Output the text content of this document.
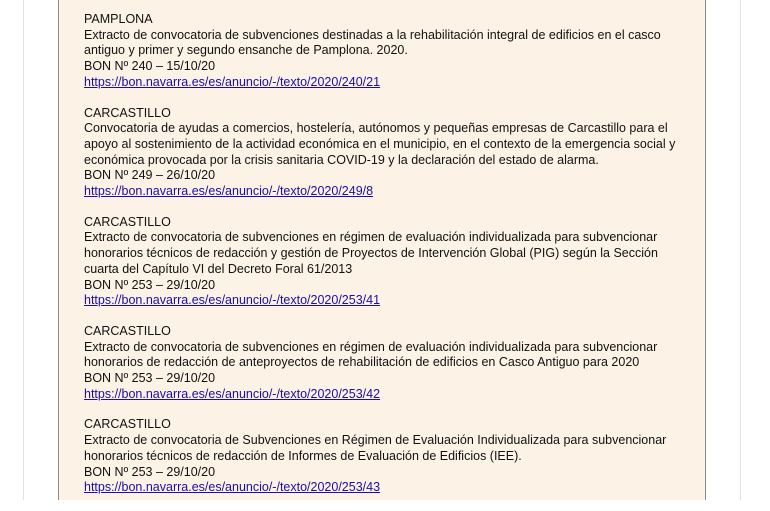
PAMPLONA

Extracto de convocatoria de subvenciones destinadas a la rehabilitación integral de edificios en el casco antiguo y primer y segundo ensanche de Pamplona. 2020.

BON Nº 240 – 15/10/20

https://bon.navarra.es/es/anuncio/-/texto/2020/240/21

CARCASTILLO

Convocatoria de ayudas a comercios, hostelería, autónomos y pequeñas empresas de Carcastillo para el apoyo al sostenimiento de la actividad económica en el municipio, en el contexto de la emergencia social y económica provocada por la crisis sanitaria COVID-19 y la declaración del estado de alarma.

BON Nº 249 – 26/10/20

https://bon.navarra.es/es/anuncio/-/texto/2020/249/8

CARCASTILLO

Extracto de convocatoria de subvenciones en régimen de evaluación individualizada para subvencionar honorarios técnicos de redacción y gestión de Proyectos de Intervención Global (PIG) según la Sección cuarta del Capítulo VI del Decreto Foral 61/2013

BON Nº 253 – 29/10/20

https://bon.navarra.es/es/anuncio/-/texto/2020/253/41

CARCASTILLO

Extracto de convocatoria de subvenciones en régimen de evaluación individualizada para subvencionar honorarios de redacción de anteproyectos de rehabilitación de edificios en Casco Antiguo para 2020

BON Nº 253 – 29/10/20

https://bon.navarra.es/es/anuncio/-/texto/2020/253/42

CARCASTILLO

Extracto de convocatoria de Subvenciones en Régimen de Evaluación Individualizada para subvencionar honorarios técnicos de redacción de Informes de Evaluación de Edificios (IEE).

BON Nº 253 – 29/10/20

https://bon.navarra.es/es/anuncio/-/texto/2020/253/43
